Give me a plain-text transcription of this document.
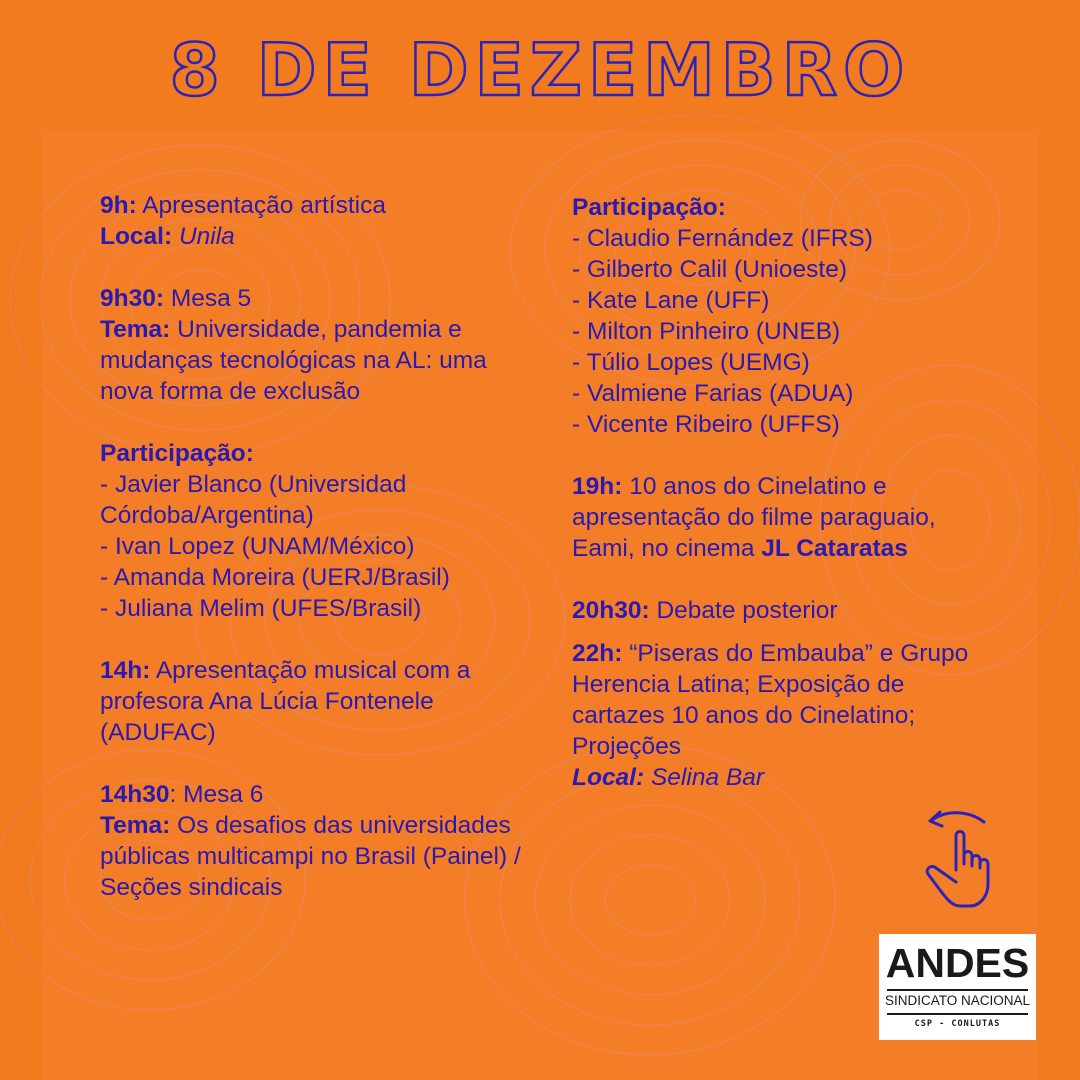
8 DE DEZEMBRO
9h: Apresentação artística
Local: Unila
9h30: Mesa 5
Tema: Universidade, pandemia e mudanças tecnológicas na AL: uma nova forma de exclusão
Participação:
- Javier Blanco (Universidad Córdoba/Argentina)
- Ivan Lopez (UNAM/México)
- Amanda Moreira (UERJ/Brasil)
- Juliana Melim (UFES/Brasil)
14h: Apresentação musical com a profesora Ana Lúcia Fontenele (ADUFAC)
14h30: Mesa 6
Tema: Os desafios das universidades públicas multicampi no Brasil (Painel) / Seções sindicais
Participação:
- Claudio Fernández (IFRS)
- Gilberto Calil (Unioeste)
- Kate Lane (UFF)
- Milton Pinheiro (UNEB)
- Túlio Lopes (UEMG)
- Valmiene Farias (ADUA)
- Vicente Ribeiro (UFFS)
19h: 10 anos do Cinelatino e apresentação do filme paraguaio, Eami, no cinema JL Cataratas
20h30: Debate posterior
22h: “Piseras do Embauba” e Grupo Herencia Latina; Exposição de cartazes 10 anos do Cinelatino; Projeções
Local: Selina Bar
ANDES
SINDICATO NACIONAL
CSP - CONLUTAS
